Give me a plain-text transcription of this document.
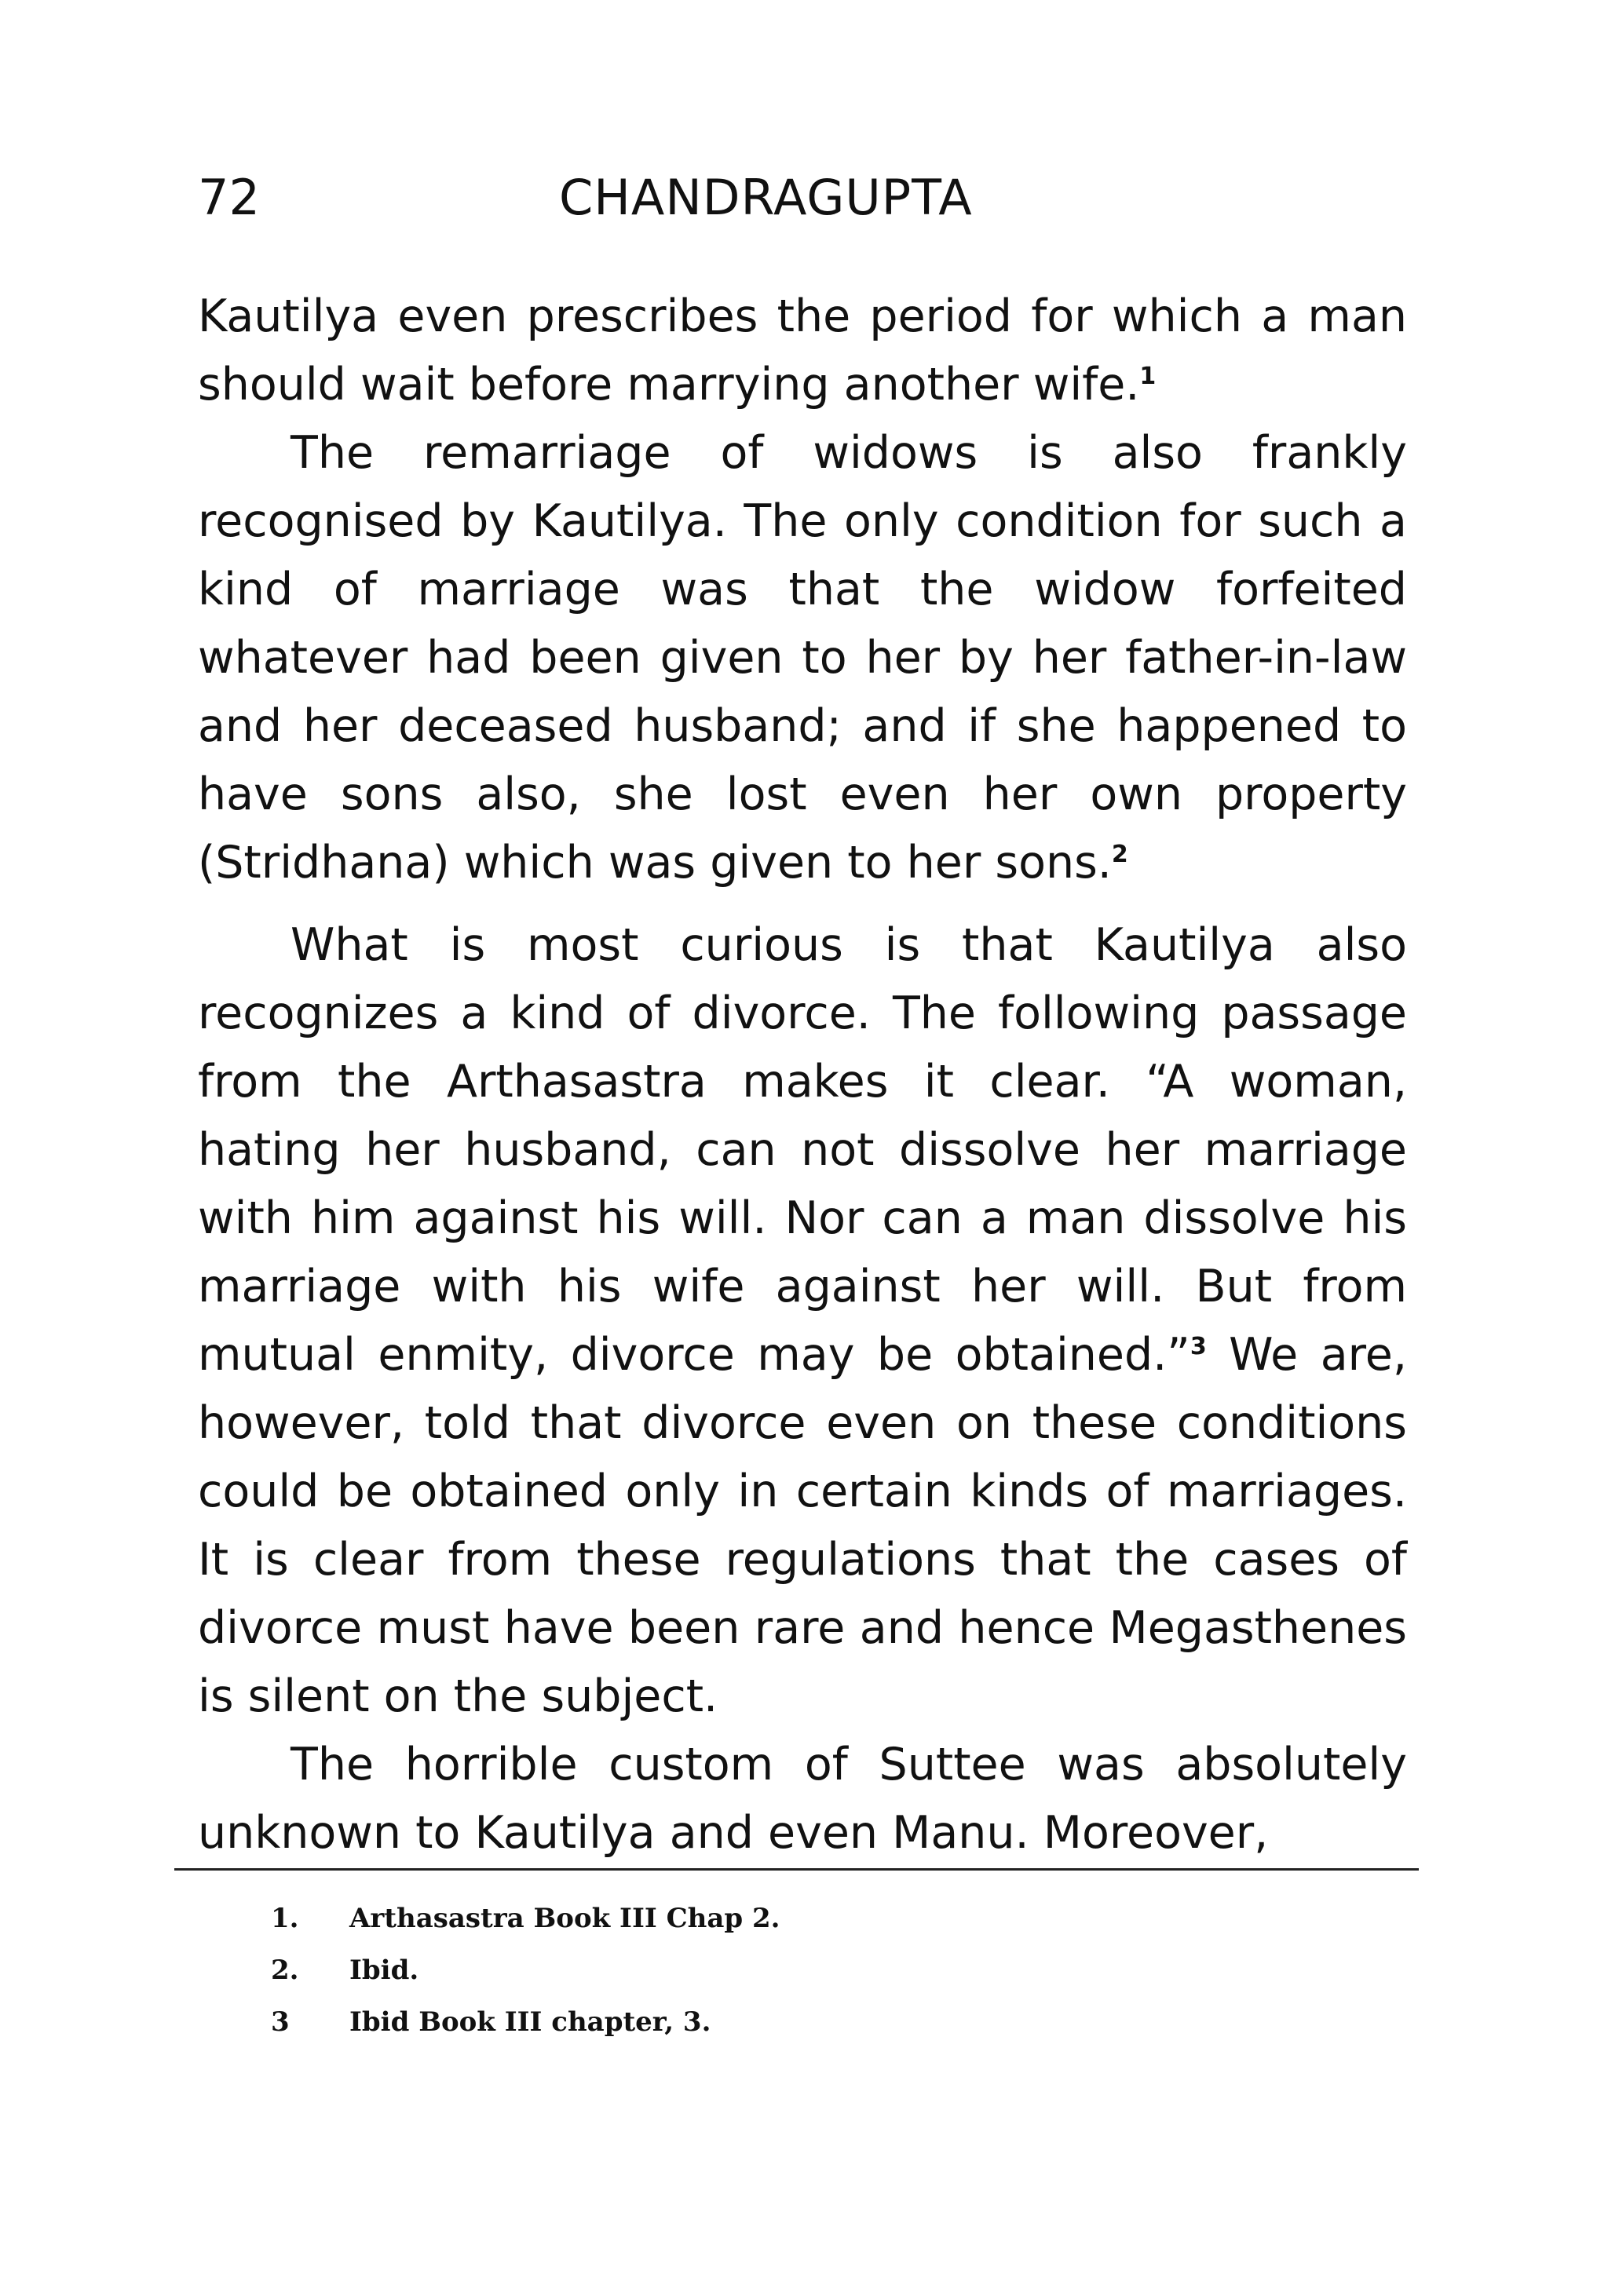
72	CHANDRAGUPTA

Kautilya even prescribes the period for which a man should wait before marrying another wife.$^1$

The remarriage of widows is also frankly recognised by Kautilya. The only condition for such a kind of marriage was that the widow forfeited whatever had been given to her by her father-in-law and her deceased husband; and if she happened to have sons also, she lost even her own property (Stridhana) which was given to her sons.$^2$

What is most curious is that Kautilya also recognizes a kind of divorce. The following passage from the Arthasastra makes it clear. “A woman, hating her husband, can not dissolve her marriage with him against his will. Nor can a man dissolve his marriage with his wife against her will. But from mutual enmity, divorce may be obtained.”$^3$ We are, however, told that divorce even on these conditions could be obtained only in certain kinds of marriages. It is clear from these regulations that the cases of divorce must have been rare and hence Megasthenes is silent on the subject.

The horrible custom of Suttee was absolutely unknown to Kautilya and even Manu. Moreover,

1. Arthasastra Book III Chap 2.
2. Ibid.
3 Ibid Book III chapter, 3.
